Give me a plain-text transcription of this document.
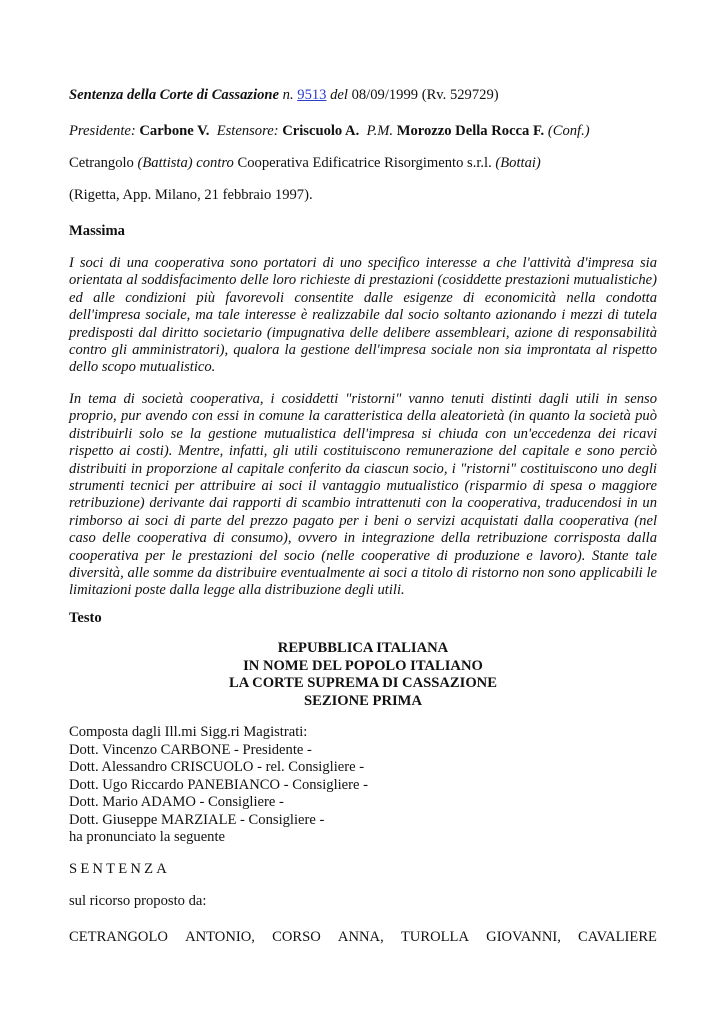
Sentenza della Corte di Cassazione n. 9513 del 08/09/1999 (Rv. 529729)
Presidente: Carbone V.  Estensore: Criscuolo A.  P.M. Morozzo Della Rocca F. (Conf.)
Cetrangolo (Battista) contro Cooperativa Edificatrice Risorgimento s.r.l. (Bottai)
(Rigetta, App. Milano, 21 febbraio 1997).
Massima

I soci di una cooperativa sono portatori di uno specifico interesse a che l'attività d'impresa sia orientata al soddisfacimento delle loro richieste di prestazioni (cosiddette prestazioni mutualistiche) ed alle condizioni più favorevoli consentite dalle esigenze di economicità nella condotta dell'impresa sociale, ma tale interesse è realizzabile dal socio soltanto azionando i mezzi di tutela predisposti dal diritto societario (impugnativa delle delibere assembleari, azione di responsabilità contro gli amministratori), qualora la gestione dell'impresa sociale non sia improntata al rispetto dello scopo mutualistico.

In tema di società cooperativa, i cosiddetti "ristorni" vanno tenuti distinti dagli utili in senso proprio, pur avendo con essi in comune la caratteristica della aleatorietà (in quanto la società può distribuirli solo se la gestione mutualistica dell'impresa si chiuda con un'eccedenza dei ricavi rispetto ai costi). Mentre, infatti, gli utili costituiscono remunerazione del capitale e sono perciò distribuiti in proporzione al capitale conferito da ciascun socio, i "ristorni" costituiscono uno degli strumenti tecnici per attribuire ai soci il vantaggio mutualistico (risparmio di spesa o maggiore retribuzione) derivante dai rapporti di scambio intrattenuti con la cooperativa, traducendosi in un rimborso ai soci di parte del prezzo pagato per i beni o servizi acquistati dalla cooperativa (nel caso delle cooperativa di consumo), ovvero in integrazione della retribuzione corrisposta dalla cooperativa per le prestazioni del socio (nelle cooperative di produzione e lavoro). Stante tale diversità, alle somme da distribuire eventualmente ai soci a titolo di ristorno non sono applicabili le limitazioni poste dalla legge alla distribuzione degli utili.

Testo
REPUBBLICA ITALIANA
IN NOME DEL POPOLO ITALIANO
LA CORTE SUPREMA DI CASSAZIONE
SEZIONE PRIMA
Composta dagli Ill.mi Sigg.ri Magistrati:
Dott. Vincenzo CARBONE - Presidente -
Dott. Alessandro CRISCUOLO - rel. Consigliere -
Dott. Ugo Riccardo PANEBIANCO - Consigliere -
Dott. Mario ADAMO - Consigliere -
Dott. Giuseppe MARZIALE - Consigliere -
ha pronunciato la seguente
SENTENZA
sul ricorso proposto da:
CETRANGOLO ANTONIO, CORSO ANNA, TUROLLA GIOVANNI, CAVALIERE
